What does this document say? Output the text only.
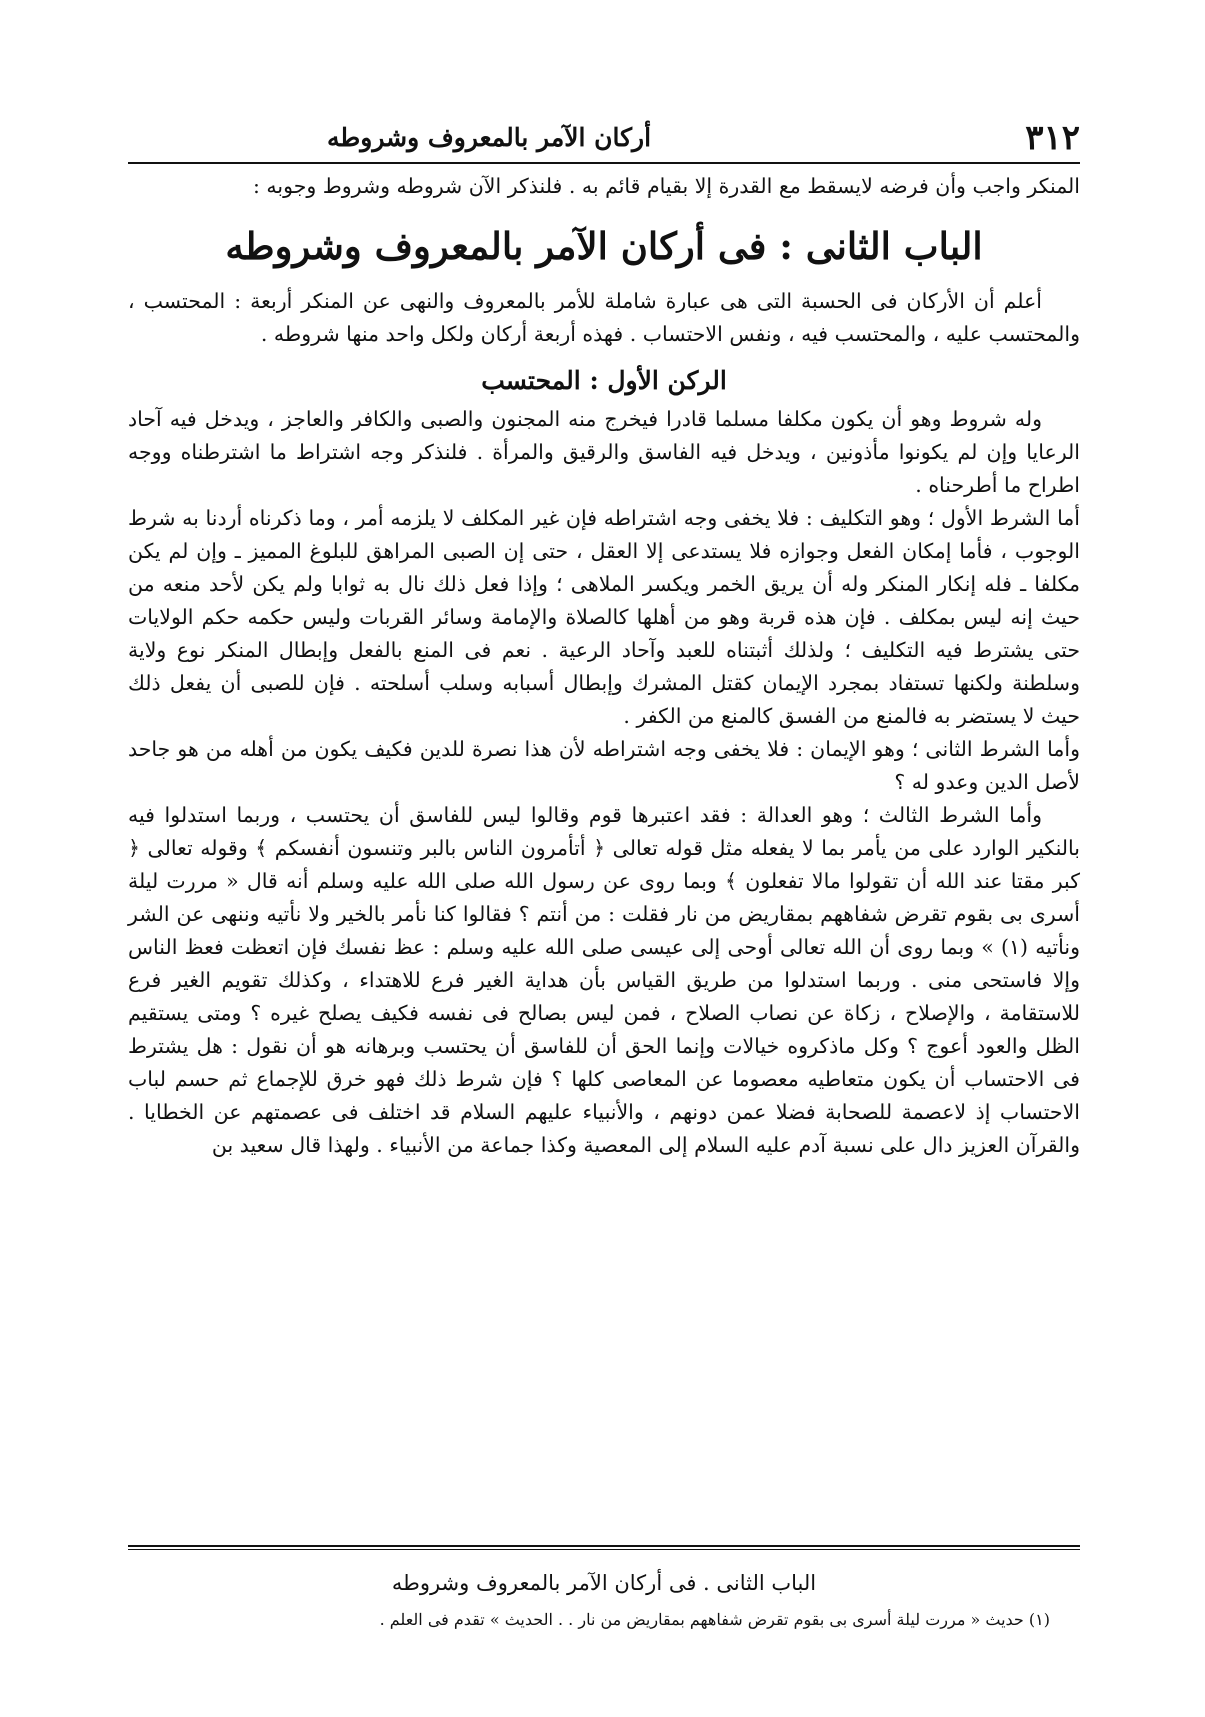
٣١٢
أركان الآمر بالمعروف وشروطه

المنكر واجب وأن فرضه لايسقط مع القدرة إلا بقيام قائم به . فلنذكر الآن شروطه وشروط وجوبه :

الباب الثانى : فى أركان الآمر بالمعروف وشروطه

أعلم أن الأركان فى الحسبة التى هى عبارة شاملة للأمر بالمعروف والنهى عن المنكر أربعة : المحتسب ، والمحتسب عليه ، والمحتسب فيه ، ونفس الاحتساب . فهذه أربعة أركان ولكل واحد منها شروطه .

الركن الأول : المحتسب

وله شروط وهو أن يكون مكلفا مسلما قادرا فيخرج منه المجنون والصبى والكافر والعاجز ، ويدخل فيه آحاد الرعايا وإن لم يكونوا مأذونين ، ويدخل فيه الفاسق والرقيق والمرأة . فلنذكر وجه اشتراط ما اشترطناه ووجه اطراح ما أطرحناه .

أما الشرط الأول ؛ وهو التكليف : فلا يخفى وجه اشتراطه فإن غير المكلف لا يلزمه أمر ، وما ذكرناه أردنا به شرط الوجوب ، فأما إمكان الفعل وجوازه فلا يستدعى إلا العقل ، حتى إن الصبى المراهق للبلوغ المميز ـ وإن لم يكن مكلفا ـ فله إنكار المنكر وله أن يريق الخمر ويكسر الملاهى ؛ وإذا فعل ذلك نال به ثوابا ولم يكن لأحد منعه من حيث إنه ليس بمكلف . فإن هذه قربة وهو من أهلها كالصلاة والإمامة وسائر القربات وليس حكمه حكم الولايات حتى يشترط فيه التكليف ؛ ولذلك أثبتناه للعبد وآحاد الرعية . نعم فى المنع بالفعل وإبطال المنكر نوع ولاية وسلطنة ولكنها تستفاد بمجرد الإيمان كقتل المشرك وإبطال أسبابه وسلب أسلحته . فإن للصبى أن يفعل ذلك حيث لا يستضر به فالمنع من الفسق كالمنع من الكفر .

وأما الشرط الثانى ؛ وهو الإيمان : فلا يخفى وجه اشتراطه لأن هذا نصرة للدين فكيف يكون من أهله من هو جاحد لأصل الدين وعدو له ؟

وأما الشرط الثالث ؛ وهو العدالة : فقد اعتبرها قوم وقالوا ليس للفاسق أن يحتسب ، وربما استدلوا فيه بالنكير الوارد على من يأمر بما لا يفعله مثل قوله تعالى ﴿ أتأمرون الناس بالبر وتنسون أنفسكم ﴾ وقوله تعالى ﴿ كبر مقتا عند الله أن تقولوا مالا تفعلون ﴾ وبما روى عن رسول الله صلى الله عليه وسلم أنه قال « مررت ليلة أسرى بى بقوم تقرض شفاههم بمقاريض من نار فقلت : من أنتم ؟ فقالوا كنا نأمر بالخير ولا نأتيه وننهى عن الشر ونأتيه (١) » وبما روى أن الله تعالى أوحى إلى عيسى صلى الله عليه وسلم : عظ نفسك فإن اتعظت فعظ الناس وإلا فاستحى منى . وربما استدلوا من طريق القياس بأن هداية الغير فرع للاهتداء ، وكذلك تقويم الغير فرع للاستقامة ، والإصلاح ، زكاة عن نصاب الصلاح ، فمن ليس بصالح فى نفسه فكيف يصلح غيره ؟ ومتى يستقيم الظل والعود أعوج ؟ وكل ماذكروه خيالات وإنما الحق أن للفاسق أن يحتسب وبرهانه هو أن نقول : هل يشترط فى الاحتساب أن يكون متعاطيه معصوما عن المعاصى كلها ؟ فإن شرط ذلك فهو خرق للإجماع ثم حسم لباب الاحتساب إذ لاعصمة للصحابة فضلا عمن دونهم ، والأنبياء عليهم السلام قد اختلف فى عصمتهم عن الخطايا . والقرآن العزيز دال على نسبة آدم عليه السلام إلى المعصية وكذا جماعة من الأنبياء . ولهذا قال سعيد بن

الباب الثانى . فى أركان الآمر بالمعروف وشروطه
(١) حديث « مررت ليلة أسرى بى بقوم تقرض شفاههم بمقاريض من نار . . الحديث » تقدم فى العلم .
